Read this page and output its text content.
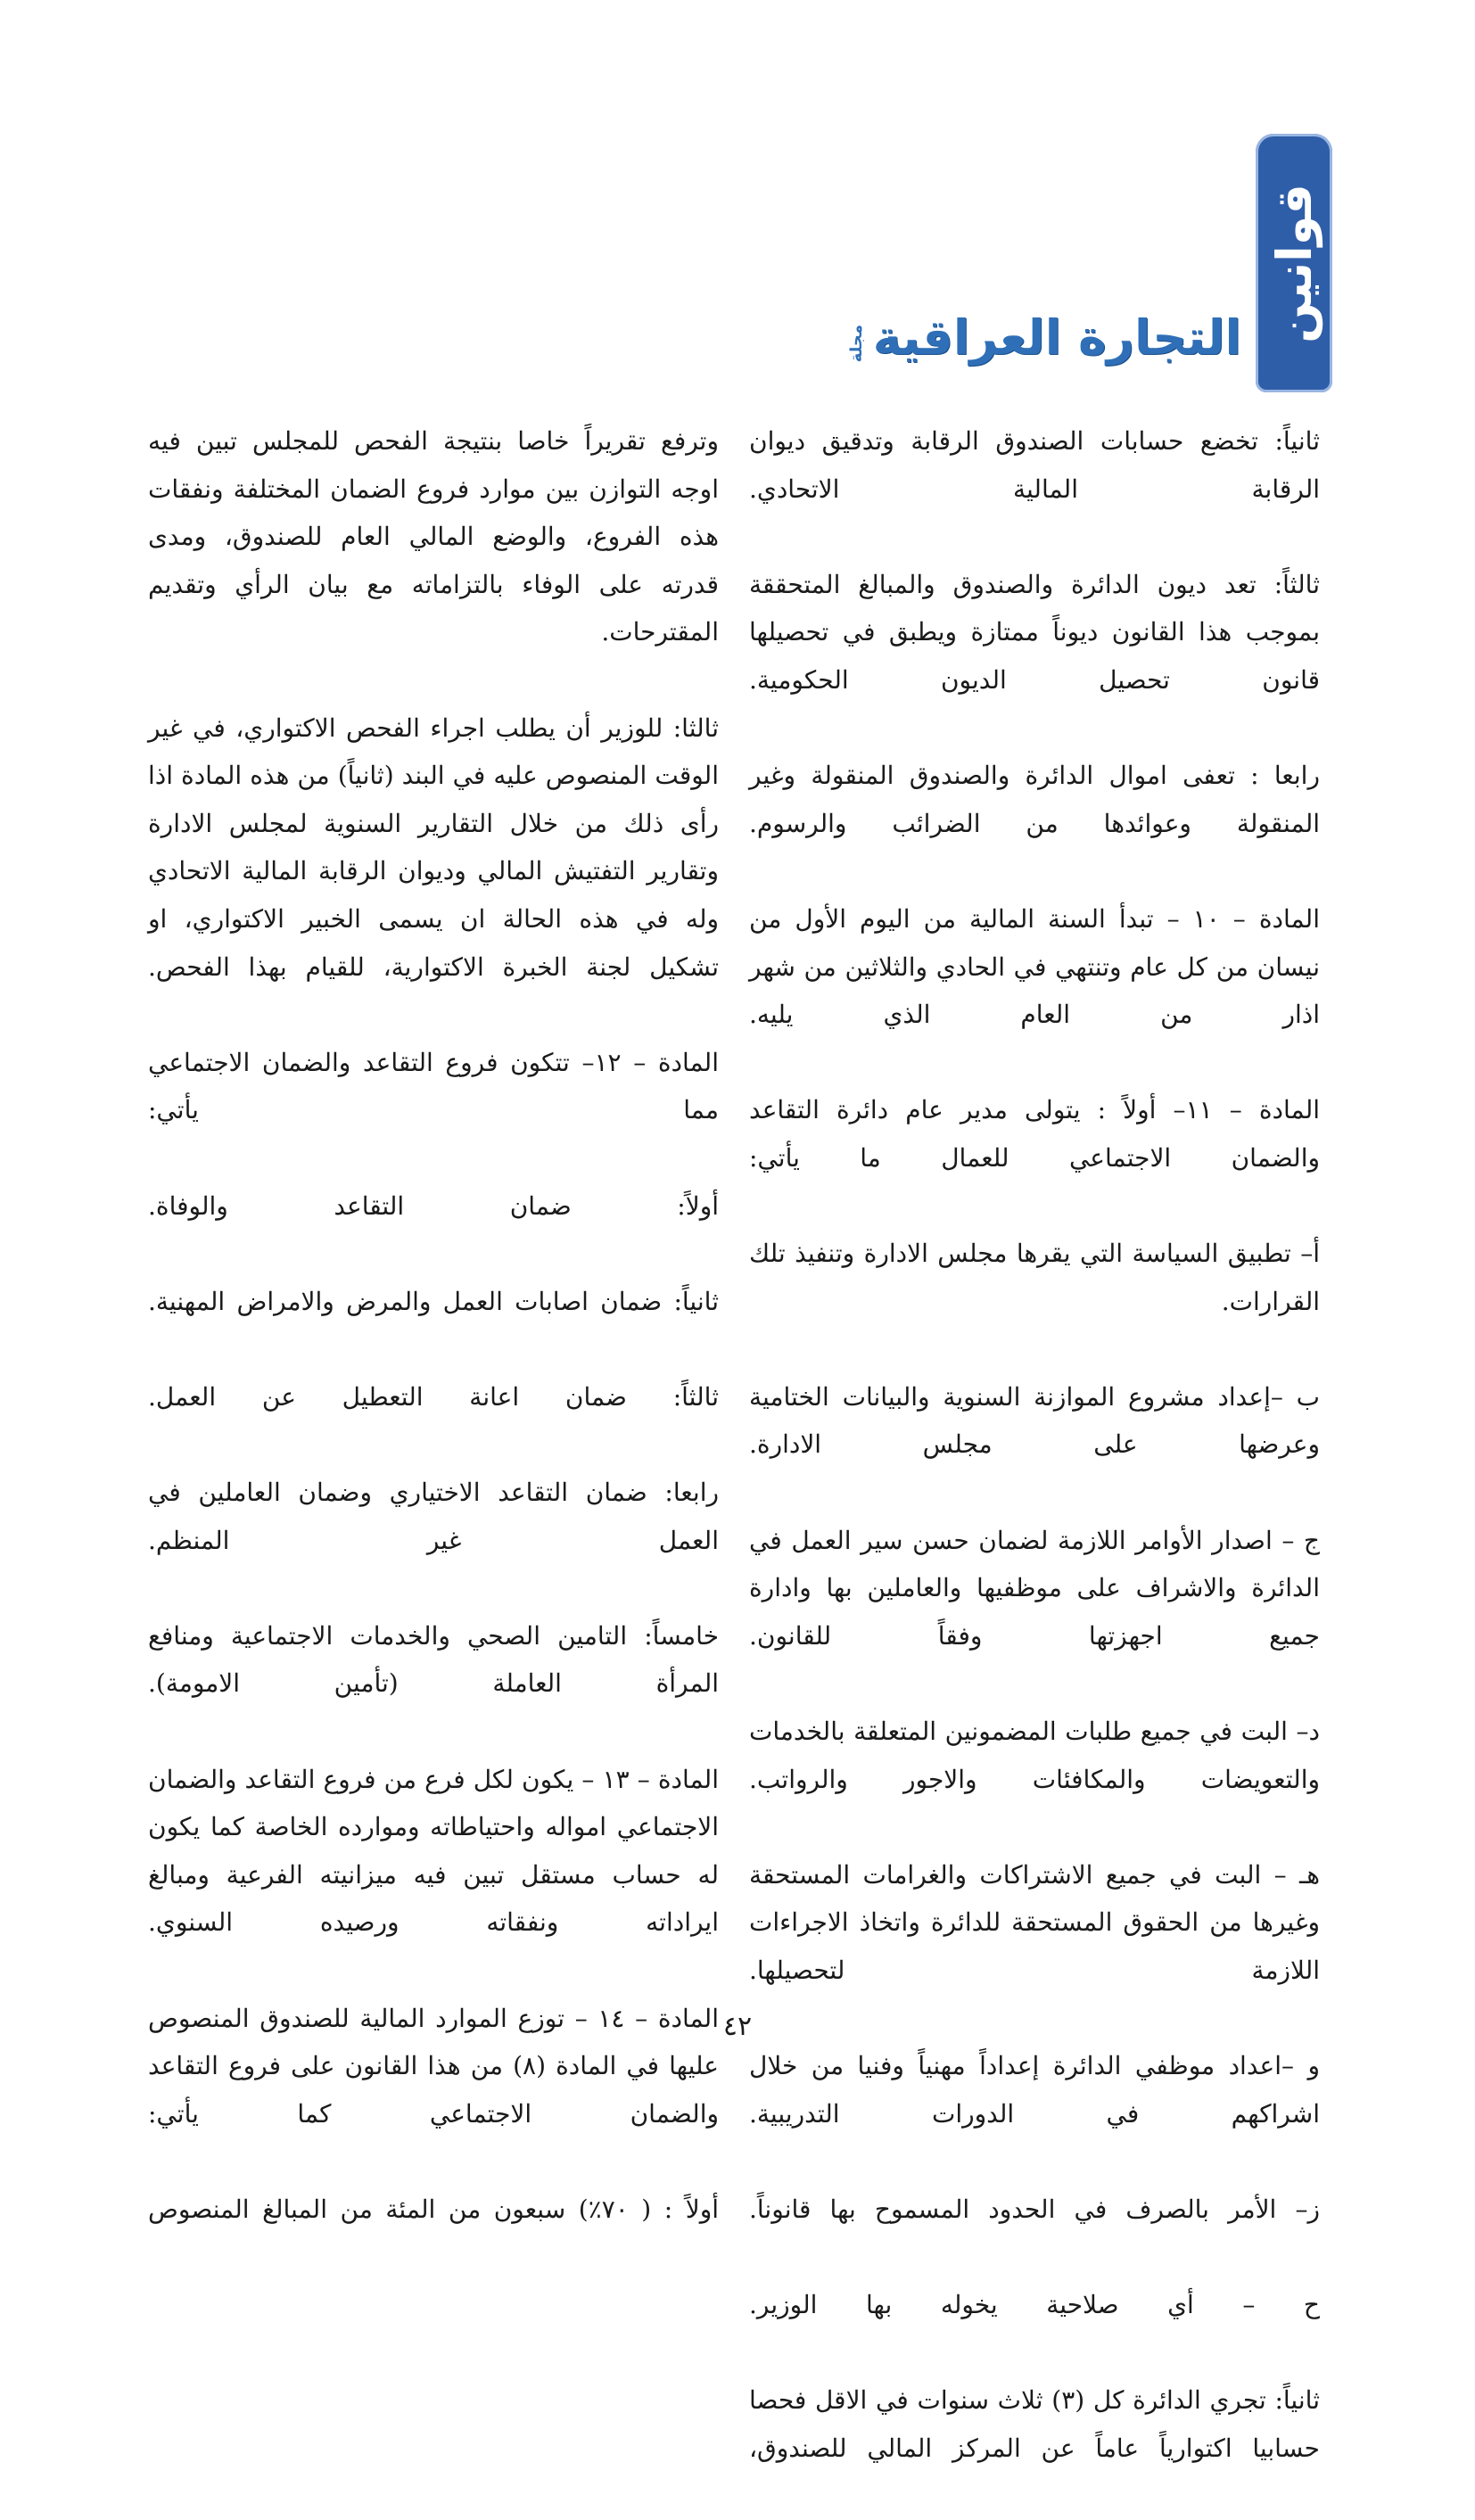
قوانين
التجارة العراقية
مجلة

ثانياً: تخضع حسابات الصندوق الرقابة وتدقيق ديوان الرقابة المالية الاتحادي.

ثالثاً: تعد ديون الدائرة والصندوق والمبالغ المتحققة بموجب هذا القانون ديوناً ممتازة ويطبق في تحصيلها قانون تحصيل الديون الحكومية.

رابعا : تعفى اموال الدائرة والصندوق المنقولة وغير المنقولة وعوائدها من الضرائب والرسوم.

المادة – ١٠ – تبدأ السنة المالية من اليوم الأول من نيسان من كل عام وتنتهي في الحادي والثلاثين من شهر اذار من العام الذي يليه.

المادة – ١١– أولاً : يتولى مدير عام دائرة التقاعد والضمان الاجتماعي للعمال ما يأتي:

أ– تطبيق السياسة التي يقرها مجلس الادارة وتنفيذ تلك القرارات.

ب –إعداد مشروع الموازنة السنوية والبيانات الختامية وعرضها على مجلس الادارة.

ج – اصدار الأوامر اللازمة لضمان حسن سير العمل في الدائرة والاشراف على موظفيها والعاملين بها وادارة جميع اجهزتها وفقاً للقانون.

د– البت في جميع طلبات المضمونين المتعلقة بالخدمات والتعويضات والمكافئات والاجور والرواتب.

هـ – البت في جميع الاشتراكات والغرامات المستحقة وغيرها من الحقوق المستحقة للدائرة واتخاذ الاجراءات اللازمة لتحصيلها.

و –اعداد موظفي الدائرة إعداداً مهنياً وفنيا من خلال اشراكهم في الدورات التدريبية.

ز– الأمر بالصرف في الحدود المسموح بها قانوناً.

ح – أي صلاحية يخوله بها الوزير.

ثانياً: تجري الدائرة كل (٣) ثلاث سنوات في الاقل فحصا حسابيا اكتوارياً عاماً عن المركز المالي للصندوق،

وترفع تقريراً خاصا بنتيجة الفحص للمجلس تبين فيه اوجه التوازن بين موارد فروع الضمان المختلفة ونفقات هذه الفروع، والوضع المالي العام للصندوق، ومدى قدرته على الوفاء بالتزاماته مع بيان الرأي وتقديم المقترحات.

ثالثا: للوزير أن يطلب اجراء الفحص الاكتواري، في غير الوقت المنصوص عليه في البند (ثانياً) من هذه المادة اذا رأى ذلك من خلال التقارير السنوية لمجلس الادارة وتقارير التفتيش المالي وديوان الرقابة المالية الاتحادي وله في هذه الحالة ان يسمى الخبير الاكتواري، او تشكيل لجنة الخبرة الاكتوارية، للقيام بهذا الفحص.

المادة – ١٢– تتكون فروع التقاعد والضمان الاجتماعي مما يأتي:

أولاً: ضمان التقاعد والوفاة.

ثانياً: ضمان اصابات العمل والمرض والامراض المهنية.

ثالثاً: ضمان اعانة التعطيل عن العمل.

رابعا: ضمان التقاعد الاختياري وضمان العاملين في العمل غير المنظم.

خامساً: التامين الصحي والخدمات الاجتماعية ومنافع المرأة العاملة (تأمين الامومة).

المادة – ١٣ – يكون لكل فرع من فروع التقاعد والضمان الاجتماعي امواله واحتياطاته وموارده الخاصة كما يكون له حساب مستقل تبين فيه ميزانيته الفرعية ومبالغ ايراداته ونفقاته ورصيده السنوي.

المادة – ١٤ – توزع الموارد المالية للصندوق المنصوص عليها في المادة (٨) من هذا القانون على فروع التقاعد والضمان الاجتماعي كما يأتي:

أولاً : ( ٧٠٪) سبعون من المئة من المبالغ المنصوص

٤٢
